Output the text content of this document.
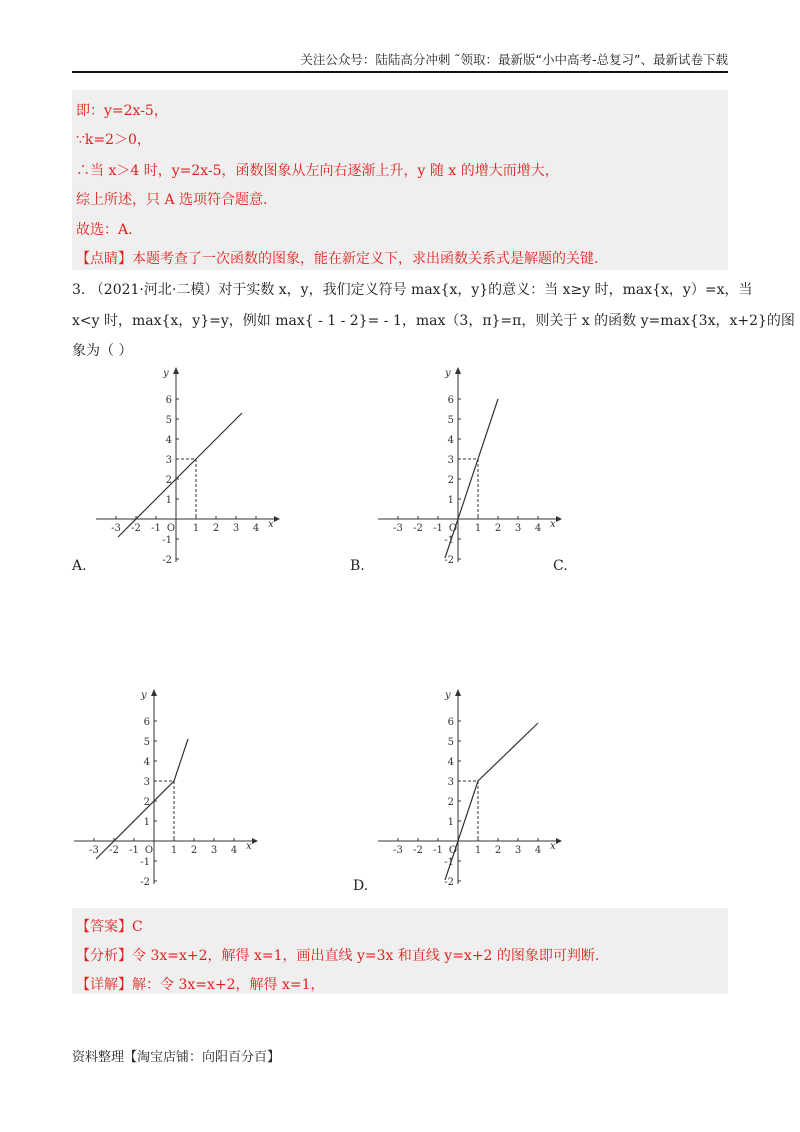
关注公众号：陆陆高分冲刺 ˜领取：最新版“小中高考-总复习”、最新试卷下载
即：y=2x-5，
∵k=2＞0，
∴当 x＞4 时，y=2x-5，函数图象从左向右逐渐上升，y 随 x 的增大而增大，
综上所述，只 A 选项符合题意.
故选：A.
【点睛】本题考查了一次函数的图象，能在新定义下，求出函数关系式是解题的关键.
3. （2021·河北·二模）对于实数 x，y，我们定义符号 max{x，y}的意义：当 x≥y 时，max{x，y）=x，当
x<y 时，max{x，y}=y，例如 max{ - 1 - 2}= - 1，max（3，π}=π，则关于 x 的函数 y=max{3x，x+2}的图
象为（ ）
x
y
6
5
4
3
2
1
-1
-2
-3 -2 -1 O 1 2 3 4	x
y
6
5
4
3
2
1
-1
-2
-3 -2 -1 O 1 2 3 4
x
y
6
5
4
3
2
1
-1
-2
-3 -2 -1 O 1 2 3 4	x
y
6
5
4
3
2
1
-1
-2
-3 -2 -1 O 1 2 3 4
A.	B.	C.
D.
【答案】C
【分析】令 3x=x+2，解得 x=1，画出直线 y=3x 和直线 y=x+2 的图象即可判断.
【详解】解：令 3x=x+2，解得 x=1，
资料整理【淘宝店铺：向阳百分百】
